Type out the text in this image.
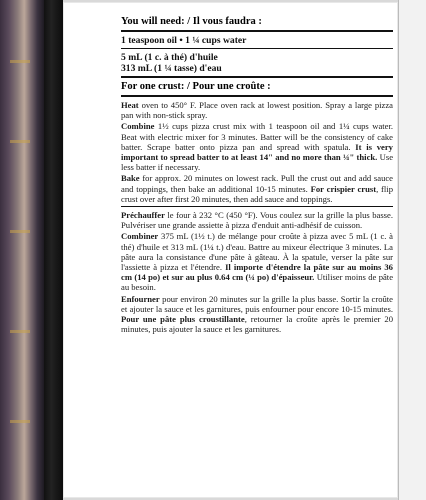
You will need: / Il vous faudra :
1 teaspoon oil • 1 ¼ cups water
5 mL (1 c. à thé) d'huile
313 mL (1 ¼ tasse) d'eau
For one crust: / Pour une croûte :

Heat oven to 450° F. Place oven rack at lowest position. Spray a large pizza pan with non-stick spray.

Combine 1½ cups pizza crust mix with 1 teaspoon oil and 1¼ cups water. Beat with electric mixer for 3 minutes. Batter will be the consistency of cake batter. Scrape batter onto pizza pan and spread with spatula. It is very important to spread batter to at least 14" and no more than ¼" thick. Use less batter if necessary.

Bake for approx. 20 minutes on lowest rack. Pull the crust out and add sauce and toppings, then bake an additional 10-15 minutes. For crispier crust, flip crust over after first 20 minutes, then add sauce and toppings.

Préchauffer le four à 232 °C (450 °F). Vous coulez sur la grille la plus basse. Pulvériser une grande assiette à pizza d'enduit anti-adhésif de cuisson.

Combiner 375 mL (1½ t.) de mélange pour croûte à pizza avec 5 mL (1 c. à thé) d'huile et 313 mL (1¼ t.) d'eau. Battre au mixeur électrique 3 minutes. La pâte aura la consistance d'une pâte à gâteau. À la spatule, verser la pâte sur l'assiette à pizza et l'étendre. Il importe d'étendre la pâte sur au moins 36 cm (14 po) et sur au plus 0.64 cm (¼ po) d'épaisseur. Utiliser moins de pâte au besoin.

Enfourner pour environ 20 minutes sur la grille la plus basse. Sortir la croûte et ajouter la sauce et les garnitures, puis enfourner pour encore 10-15 minutes. Pour une pâte plus croustillante, retourner la croûte après le premier 20 minutes, puis ajouter la sauce et les garnitures.
